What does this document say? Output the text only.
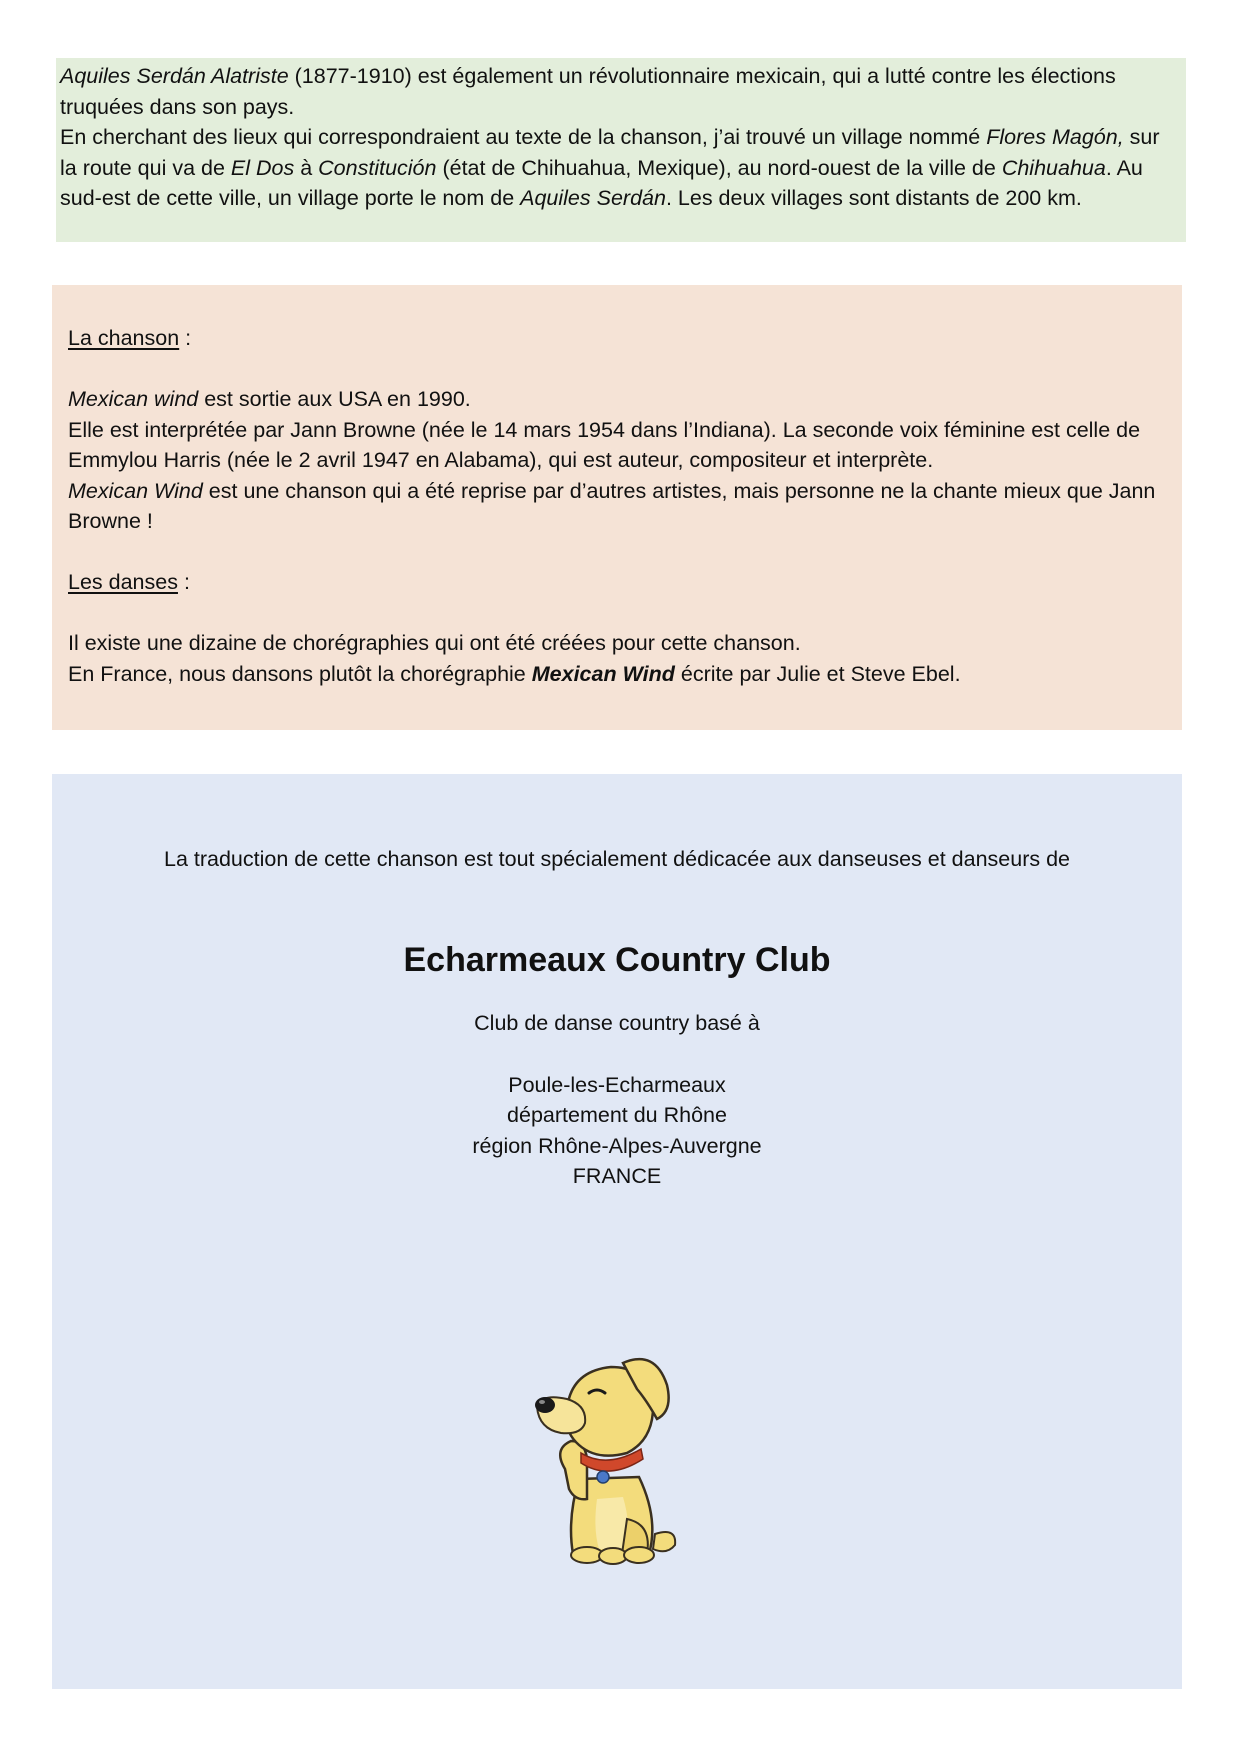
Aquiles Serdán Alatriste (1877-1910) est également un révolutionnaire mexicain, qui a lutté contre les élections truquées dans son pays.

En cherchant des lieux qui correspondraient au texte de la chanson, j’ai trouvé un village nommé Flores Magón, sur la route qui va de El Dos à Constitución (état de Chihuahua, Mexique), au nord-ouest de la ville de Chihuahua. Au sud-est de cette ville, un village porte le nom de Aquiles Serdán. Les deux villages sont distants de 200 km.

La chanson :

Mexican wind est sortie aux USA en 1990.

Elle est interprétée par Jann Browne (née le 14 mars 1954 dans l’Indiana). La seconde voix féminine est celle de Emmylou Harris (née le 2 avril 1947 en Alabama), qui est auteur, compositeur et interprète.

Mexican Wind est une chanson qui a été reprise par d’autres artistes, mais personne ne la chante mieux que Jann Browne !

Les danses :

Il existe une dizaine de chorégraphies qui ont été créées pour cette chanson.

En France, nous dansons plutôt la chorégraphie Mexican Wind écrite par Julie et Steve Ebel.

La traduction de cette chanson est tout spécialement dédicacée aux danseuses et danseurs de
Echarmeaux Country Club
Club de danse country basé à
Poule-les-Echarmeaux
département du Rhône
région Rhône-Alpes-Auvergne
FRANCE
